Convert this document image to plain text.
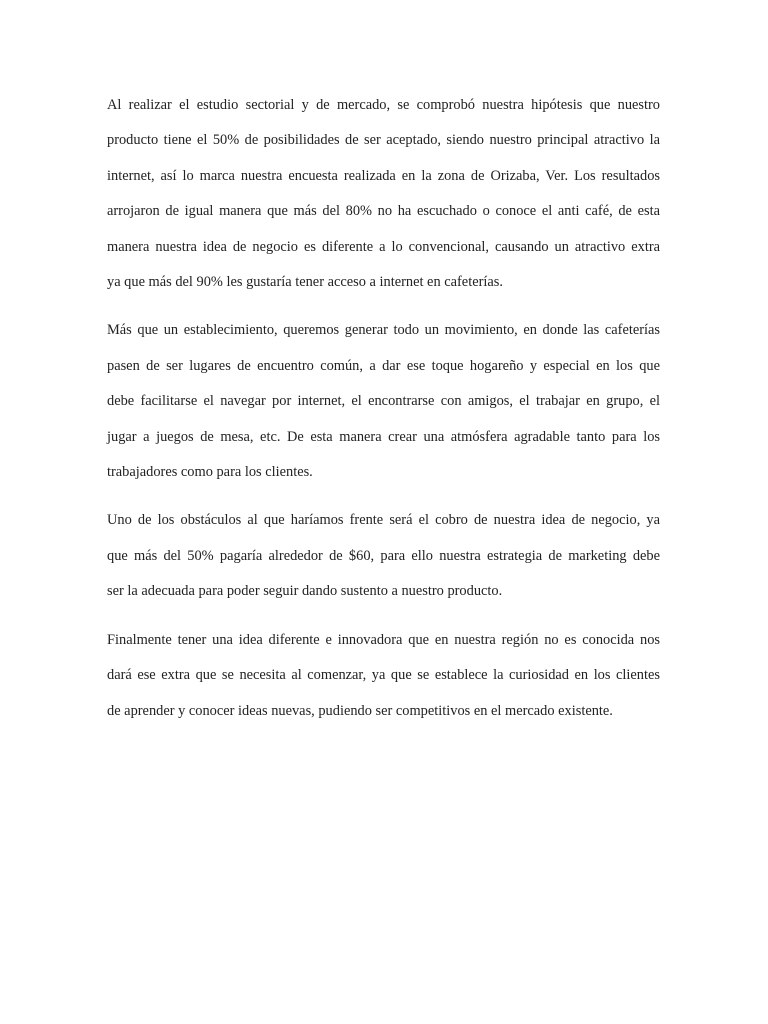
Al realizar el estudio sectorial y de mercado, se comprobó nuestra hipótesis que nuestro
producto tiene el 50% de posibilidades de ser aceptado, siendo nuestro principal atractivo la
internet, así lo marca nuestra encuesta realizada en la zona de Orizaba, Ver. Los resultados
arrojaron de igual manera que más del 80% no ha escuchado o conoce el anti café, de esta
manera nuestra idea de negocio es diferente a lo convencional, causando un atractivo extra
ya que más del 90% les gustaría tener acceso a internet en cafeterías.

Más que un establecimiento, queremos generar todo un movimiento, en donde las cafeterías
pasen de ser lugares de encuentro común, a dar ese toque hogareño y especial en los que
debe facilitarse el navegar por internet, el encontrarse con amigos, el trabajar en grupo, el
jugar a juegos de mesa, etc. De esta manera crear una atmósfera agradable tanto para los
trabajadores como para los clientes.

Uno de los obstáculos al que haríamos frente será el cobro de nuestra idea de negocio, ya
que más del 50% pagaría alrededor de $60, para ello nuestra estrategia de marketing debe
ser la adecuada para poder seguir dando sustento a nuestro producto.

Finalmente tener una idea diferente e innovadora que en nuestra región no es conocida nos
dará ese extra que se necesita al comenzar, ya que se establece la curiosidad en los clientes
de aprender y conocer ideas nuevas, pudiendo ser competitivos en el mercado existente.
